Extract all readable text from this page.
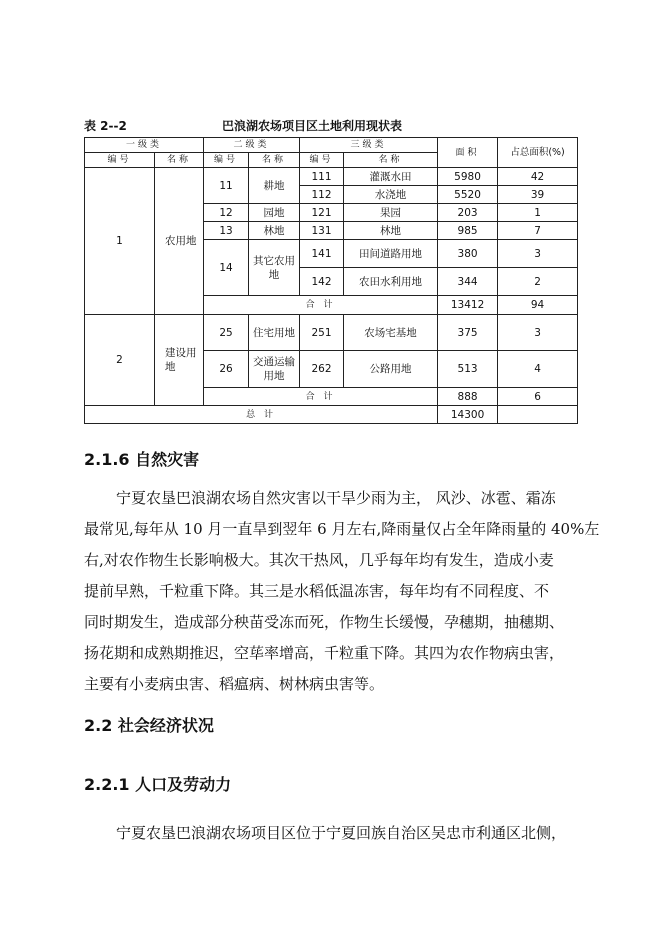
表 2--2	巴浪湖农场项目区土地利用现状表
一级类		二级类		三级类		面积	占总面积(%)
编号	名称	编号	名称	编号	名称		
1	农用地	11	耕地	111	灌溉水田	5980	42
				112	水浇地	5520	39
		12	园地	121	果园	203	1
		13	林地	131	林地	985	7
		14	其它农用地	141	田间道路用地	380	3
				142	农田水利用地	344	2
		合 计				13412	94
2	建设用地	25	住宅用地	251	农场宅基地	375	3
		26	交通运输用地	262	公路用地	513	4
		合 计				888	6
总 计						14300	
2.1.6 自然灾害

宁夏农垦巴浪湖农场自然灾害以干旱少雨为主， 风沙、冰雹、霜冻
最常见,每年从 10 月一直旱到翌年 6 月左右,降雨量仅占全年降雨量的 40%左
右,对农作物生长影响极大。其次干热风，几乎每年均有发生，造成小麦
提前早熟，千粒重下降。其三是水稻低温冻害，每年均有不同程度、不
同时期发生，造成部分秧苗受冻而死，作物生长缓慢，孕穗期，抽穗期、
扬花期和成熟期推迟，空荜率增高，千粒重下降。其四为农作物病虫害，
主要有小麦病虫害、稻瘟病、树林病虫害等。

2.2 社会经济状况
2.2.1 人口及劳动力

宁夏农垦巴浪湖农场项目区位于宁夏回族自治区吴忠市利通区北侧，
